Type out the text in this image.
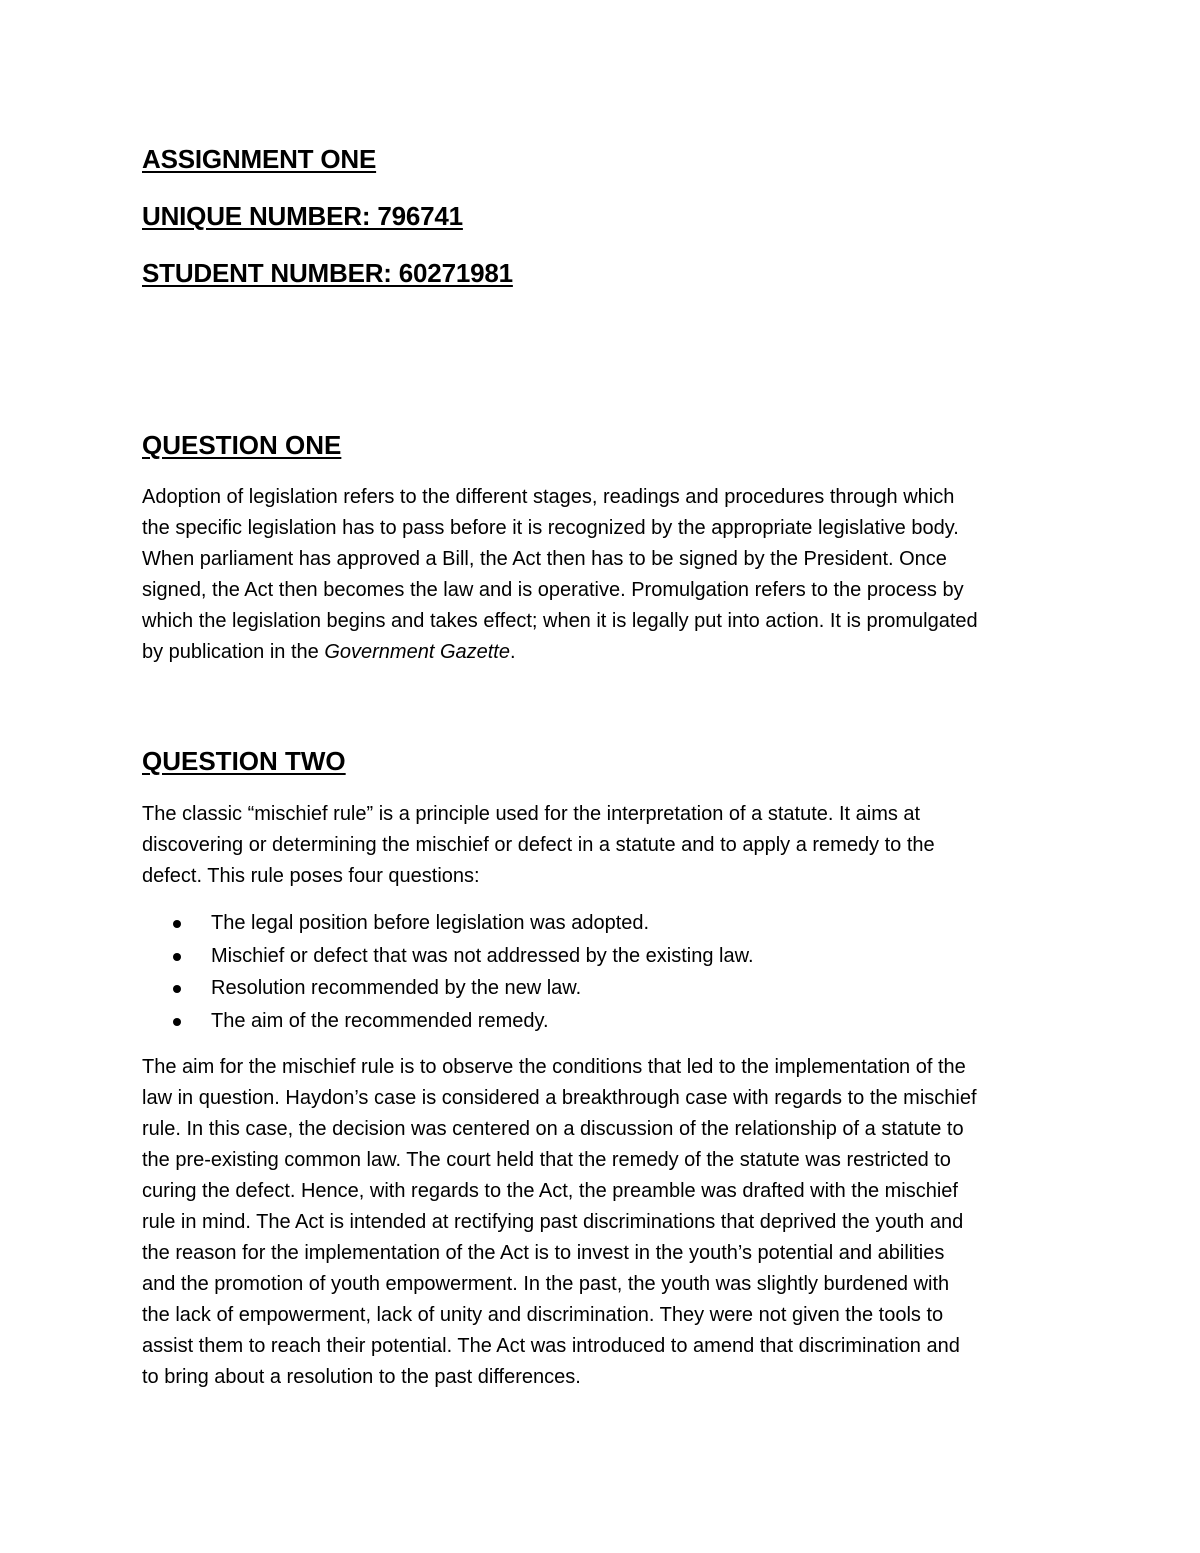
ASSIGNMENT ONE
UNIQUE NUMBER: 796741
STUDENT NUMBER: 60271981
QUESTION ONE

Adoption of legislation refers to the different stages, readings and procedures through which
the specific legislation has to pass before it is recognized by the appropriate legislative body.
When parliament has approved a Bill, the Act then has to be signed by the President. Once
signed, the Act then becomes the law and is operative. Promulgation refers to the process by
which the legislation begins and takes effect; when it is legally put into action. It is promulgated
by publication in the Government Gazette.

QUESTION TWO

The classic “mischief rule” is a principle used for the interpretation of a statute. It aims at
discovering or determining the mischief or defect in a statute and to apply a remedy to the
defect. This rule poses four questions:

The legal position before legislation was adopted.
Mischief or defect that was not addressed by the existing law.
Resolution recommended by the new law.
The aim of the recommended remedy.

The aim for the mischief rule is to observe the conditions that led to the implementation of the
law in question. Haydon’s case is considered a breakthrough case with regards to the mischief
rule. In this case, the decision was centered on a discussion of the relationship of a statute to
the pre-existing common law. The court held that the remedy of the statute was restricted to
curing the defect. Hence, with regards to the Act, the preamble was drafted with the mischief
rule in mind. The Act is intended at rectifying past discriminations that deprived the youth and
the reason for the implementation of the Act is to invest in the youth’s potential and abilities
and the promotion of youth empowerment. In the past, the youth was slightly burdened with
the lack of empowerment, lack of unity and discrimination. They were not given the tools to
assist them to reach their potential. The Act was introduced to amend that discrimination and
to bring about a resolution to the past differences.
